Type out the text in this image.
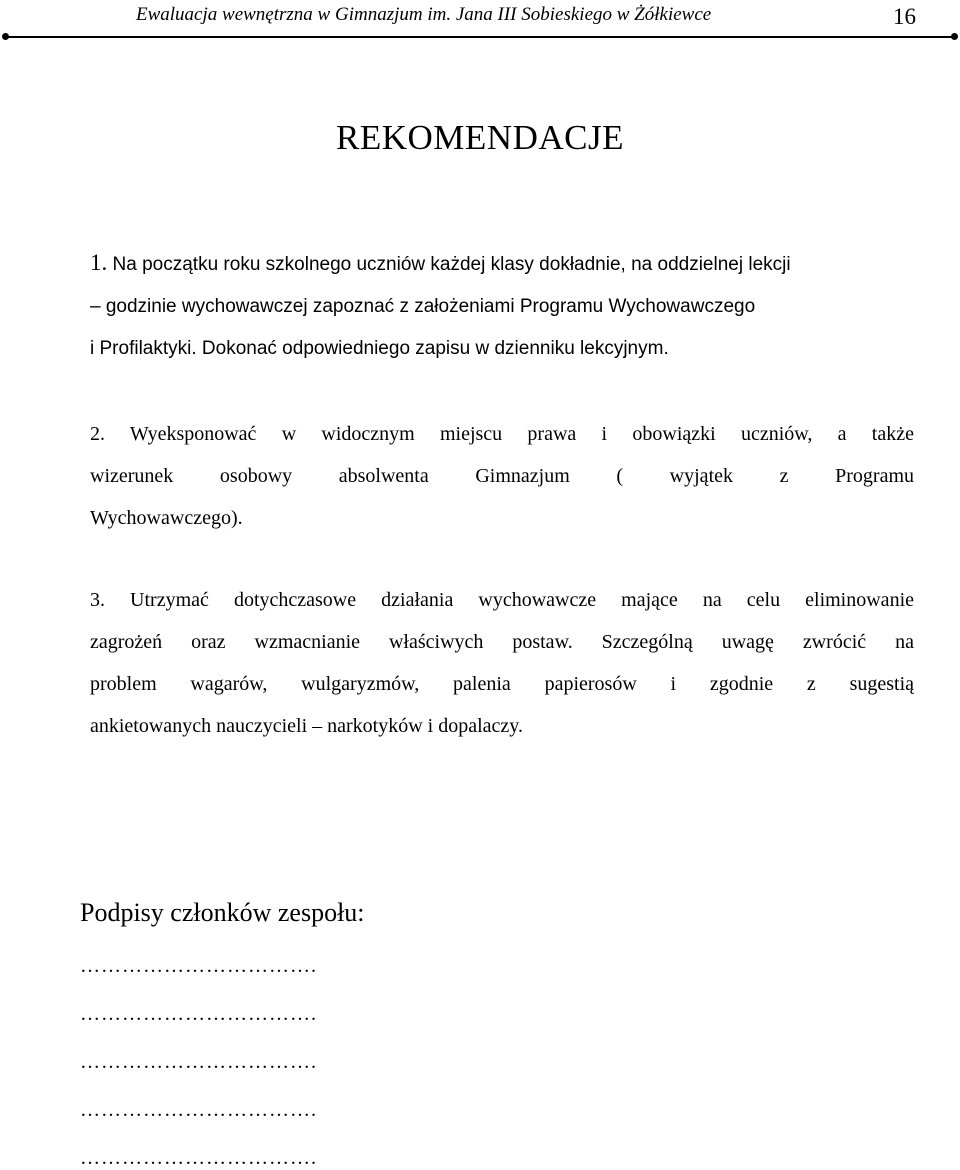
Ewaluacja wewnętrzna w Gimnazjum im. Jana III Sobieskiego w Żółkiewce	16
REKOMENDACJE
1. Na początku roku szkolnego uczniów każdej klasy dokładnie, na oddzielnej lekcji
– godzinie wychowawczej zapoznać z założeniami Programu Wychowawczego
i Profilaktyki. Dokonać odpowiedniego zapisu w dzienniku lekcyjnym.
2. Wyeksponować w widocznym miejscu prawa i obowiązki uczniów, a także
wizerunek osobowy absolwenta Gimnazjum ( wyjątek z Programu
Wychowawczego).
3. Utrzymać dotychczasowe działania wychowawcze mające na celu eliminowanie
zagrożeń oraz wzmacnianie właściwych postaw. Szczególną uwagę zwrócić na
problem wagarów, wulgaryzmów, palenia papierosów i zgodnie z sugestią
ankietowanych nauczycieli – narkotyków i dopalaczy.
Podpisy członków zespołu:
…………………………….
…………………………….
…………………………….
…………………………….
…………………………….
